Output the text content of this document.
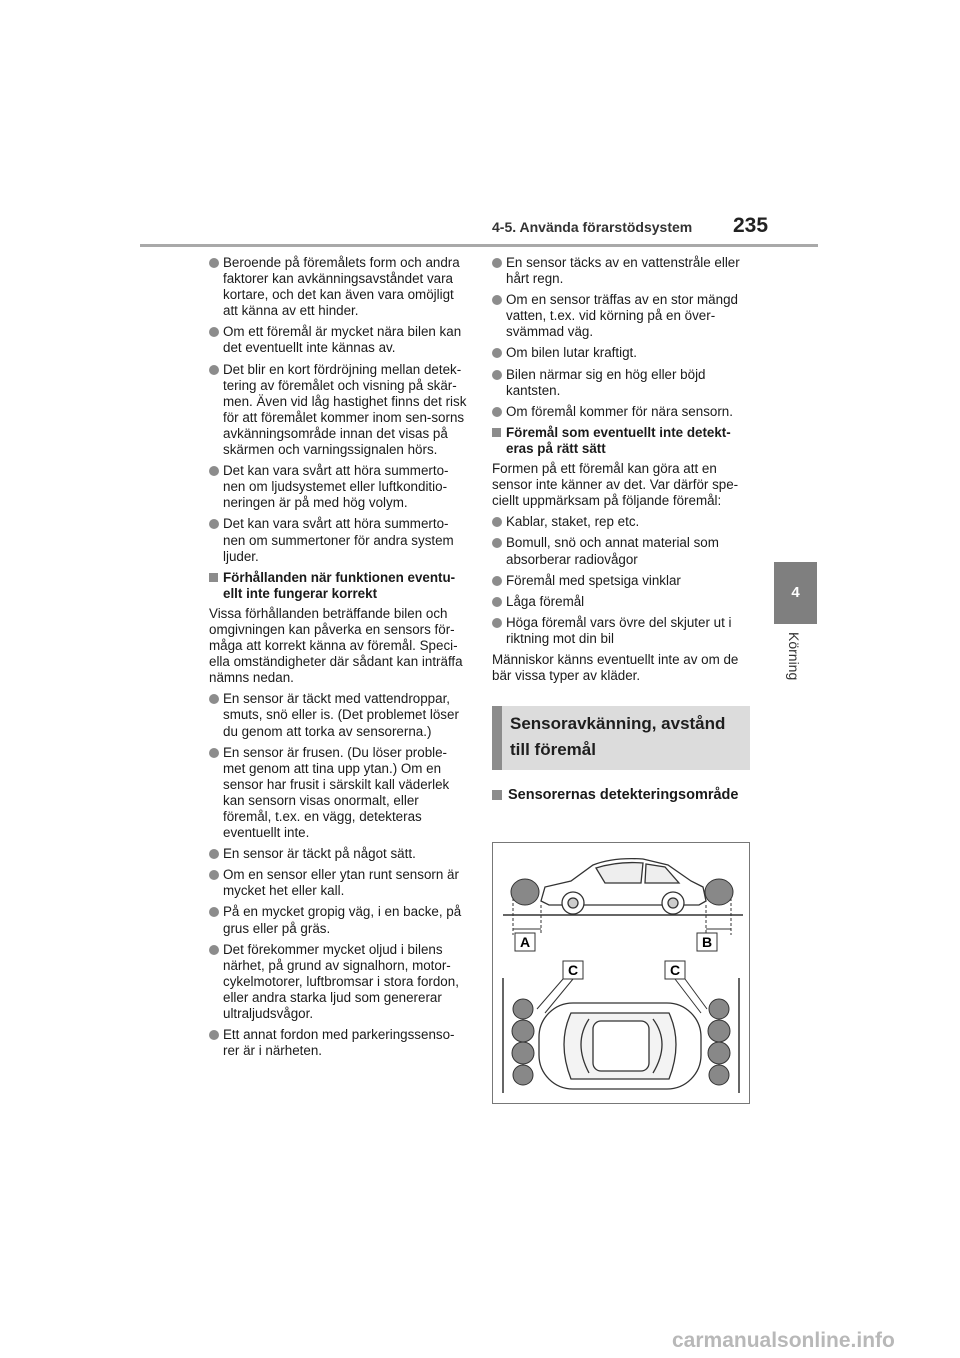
4-5. Använda förarstödsystem 235
4
Körning
Beroende på föremålets form och andra faktorer kan avkänningsavståndet vara kortare, och det kan även vara omöjligt att känna av ett hinder.
Om ett föremål är mycket nära bilen kan det eventuellt inte kännas av.
Det blir en kort fördröjning mellan detek-tering av föremålet och visning på skär-men. Även vid låg hastighet finns det risk för att föremålet kommer inom sen-sorns avkänningsområde innan det visas på skärmen och varningssignalen hörs.
Det kan vara svårt att höra summerto-nen om ljudsystemet eller luftkonditio-neringen är på med hög volym.
Det kan vara svårt att höra summerto-nen om summertoner för andra system ljuder.
Förhållanden när funktionen eventu-ellt inte fungerar korrekt
Vissa förhållanden beträffande bilen och omgivningen kan påverka en sensors för-måga att korrekt känna av föremål. Speci-ella omständigheter där sådant kan inträffa nämns nedan.
En sensor är täckt med vattendroppar, smuts, snö eller is. (Det problemet löser du genom att torka av sensorerna.)
En sensor är frusen. (Du löser proble-met genom att tina upp ytan.) Om en sensor har frusit i särskilt kall väderlek kan sensorn visas onormalt, eller föremål, t.ex. en vägg, detekteras eventuellt inte.
En sensor är täckt på något sätt.
Om en sensor eller ytan runt sensorn är mycket het eller kall.
På en mycket gropig väg, i en backe, på grus eller på gräs.
Det förekommer mycket oljud i bilens närhet, på grund av signalhorn, motor-cykelmotorer, luftbromsar i stora fordon, eller andra starka ljud som genererar ultraljudsvågor.
Ett annat fordon med parkeringssenso-rer är i närheten.
En sensor täcks av en vattenstråle eller hårt regn.
Om en sensor träffas av en stor mängd vatten, t.ex. vid körning på en över-svämmad väg.
Om bilen lutar kraftigt.
Bilen närmar sig en hög eller böjd kantsten.
Om föremål kommer för nära sensorn.
Föremål som eventuellt inte detekt-eras på rätt sätt
Formen på ett föremål kan göra att en sensor inte känner av det. Var därför spe-ciellt uppmärksam på följande föremål:
Kablar, staket, rep etc.
Bomull, snö och annat material som absorberar radiovågor
Föremål med spetsiga vinklar
Låga föremål
Höga föremål vars övre del skjuter ut i riktning mot din bil
Människor känns eventuellt inte av om de bär vissa typer av kläder.
Sensoravkänning, avstånd till föremål
Sensorernas detekteringsområde
A	B
C	C
carmanualsonline.info
